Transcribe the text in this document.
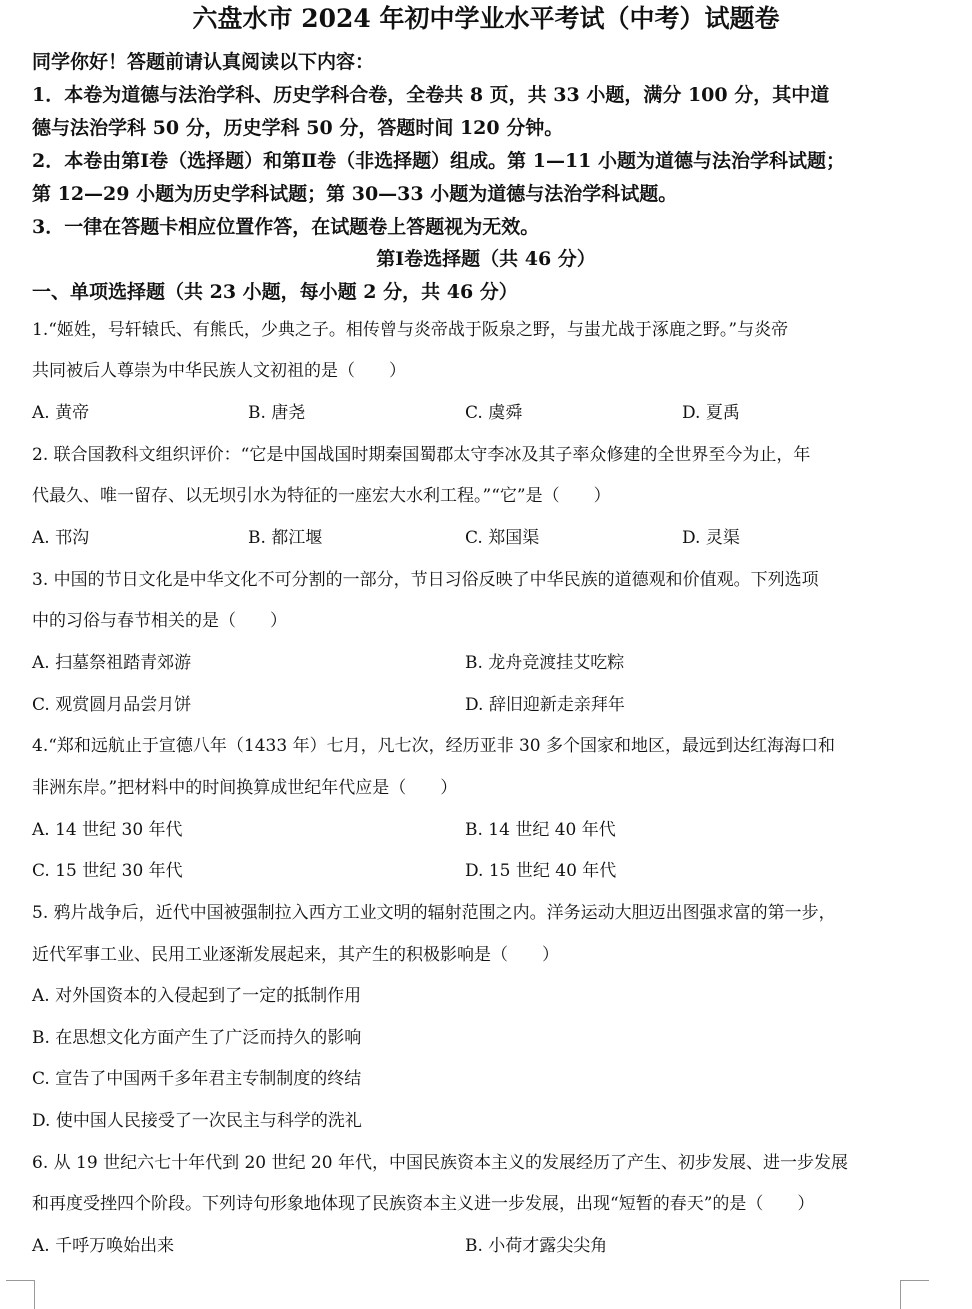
六盘水市 2024 年初中学业水平考试（中考）试题卷
同学你好！答题前请认真阅读以下内容：
1．本卷为道德与法治学科、历史学科合卷，全卷共 8 页，共 33 小题，满分 100 分，其中道
德与法治学科 50 分，历史学科 50 分，答题时间 120 分钟。
2．本卷由第Ⅰ卷（选择题）和第Ⅱ卷（非选择题）组成。第 1—11 小题为道德与法治学科试题；
第 12—29 小题为历史学科试题；第 30—33 小题为道德与法治学科试题。
3．一律在答题卡相应位置作答，在试题卷上答题视为无效。
第Ⅰ卷选择题（共 46 分）
一、单项选择题（共 23 小题，每小题 2 分，共 46 分）
1.“姬姓，号轩辕氏、有熊氏，少典之子。相传曾与炎帝战于阪泉之野，与蚩尤战于涿鹿之野。”与炎帝
共同被后人尊崇为中华民族人文初祖的是（　　）
A. 黄帝	B. 唐尧	C. 虞舜	D. 夏禹
2. 联合国教科文组织评价：“它是中国战国时期秦国蜀郡太守李冰及其子率众修建的全世界至今为止，年
代最久、唯一留存、以无坝引水为特征的一座宏大水利工程。”“它”是（　　）
A. 邗沟	B. 都江堰	C. 郑国渠	D. 灵渠
3. 中国的节日文化是中华文化不可分割的一部分，节日习俗反映了中华民族的道德观和价值观。下列选项
中的习俗与春节相关的是（　　）
A. 扫墓祭祖踏青郊游	B. 龙舟竞渡挂艾吃粽
C. 观赏圆月品尝月饼	D. 辞旧迎新走亲拜年
4.“郑和远航止于宣德八年（1433 年）七月，凡七次，经历亚非 30 多个国家和地区，最远到达红海海口和
非洲东岸。”把材料中的时间换算成世纪年代应是（　　）
A. 14 世纪 30 年代	B. 14 世纪 40 年代
C. 15 世纪 30 年代	D. 15 世纪 40 年代
5. 鸦片战争后，近代中国被强制拉入西方工业文明的辐射范围之内。洋务运动大胆迈出图强求富的第一步，
近代军事工业、民用工业逐渐发展起来，其产生的积极影响是（　　）
A. 对外国资本的入侵起到了一定的抵制作用
B. 在思想文化方面产生了广泛而持久的影响
C. 宣告了中国两千多年君主专制制度的终结
D. 使中国人民接受了一次民主与科学的洗礼
6. 从 19 世纪六七十年代到 20 世纪 20 年代，中国民族资本主义的发展经历了产生、初步发展、进一步发展
和再度受挫四个阶段。下列诗句形象地体现了民族资本主义进一步发展，出现“短暂的春天”的是（　　）
A. 千呼万唤始出来	B. 小荷才露尖尖角
